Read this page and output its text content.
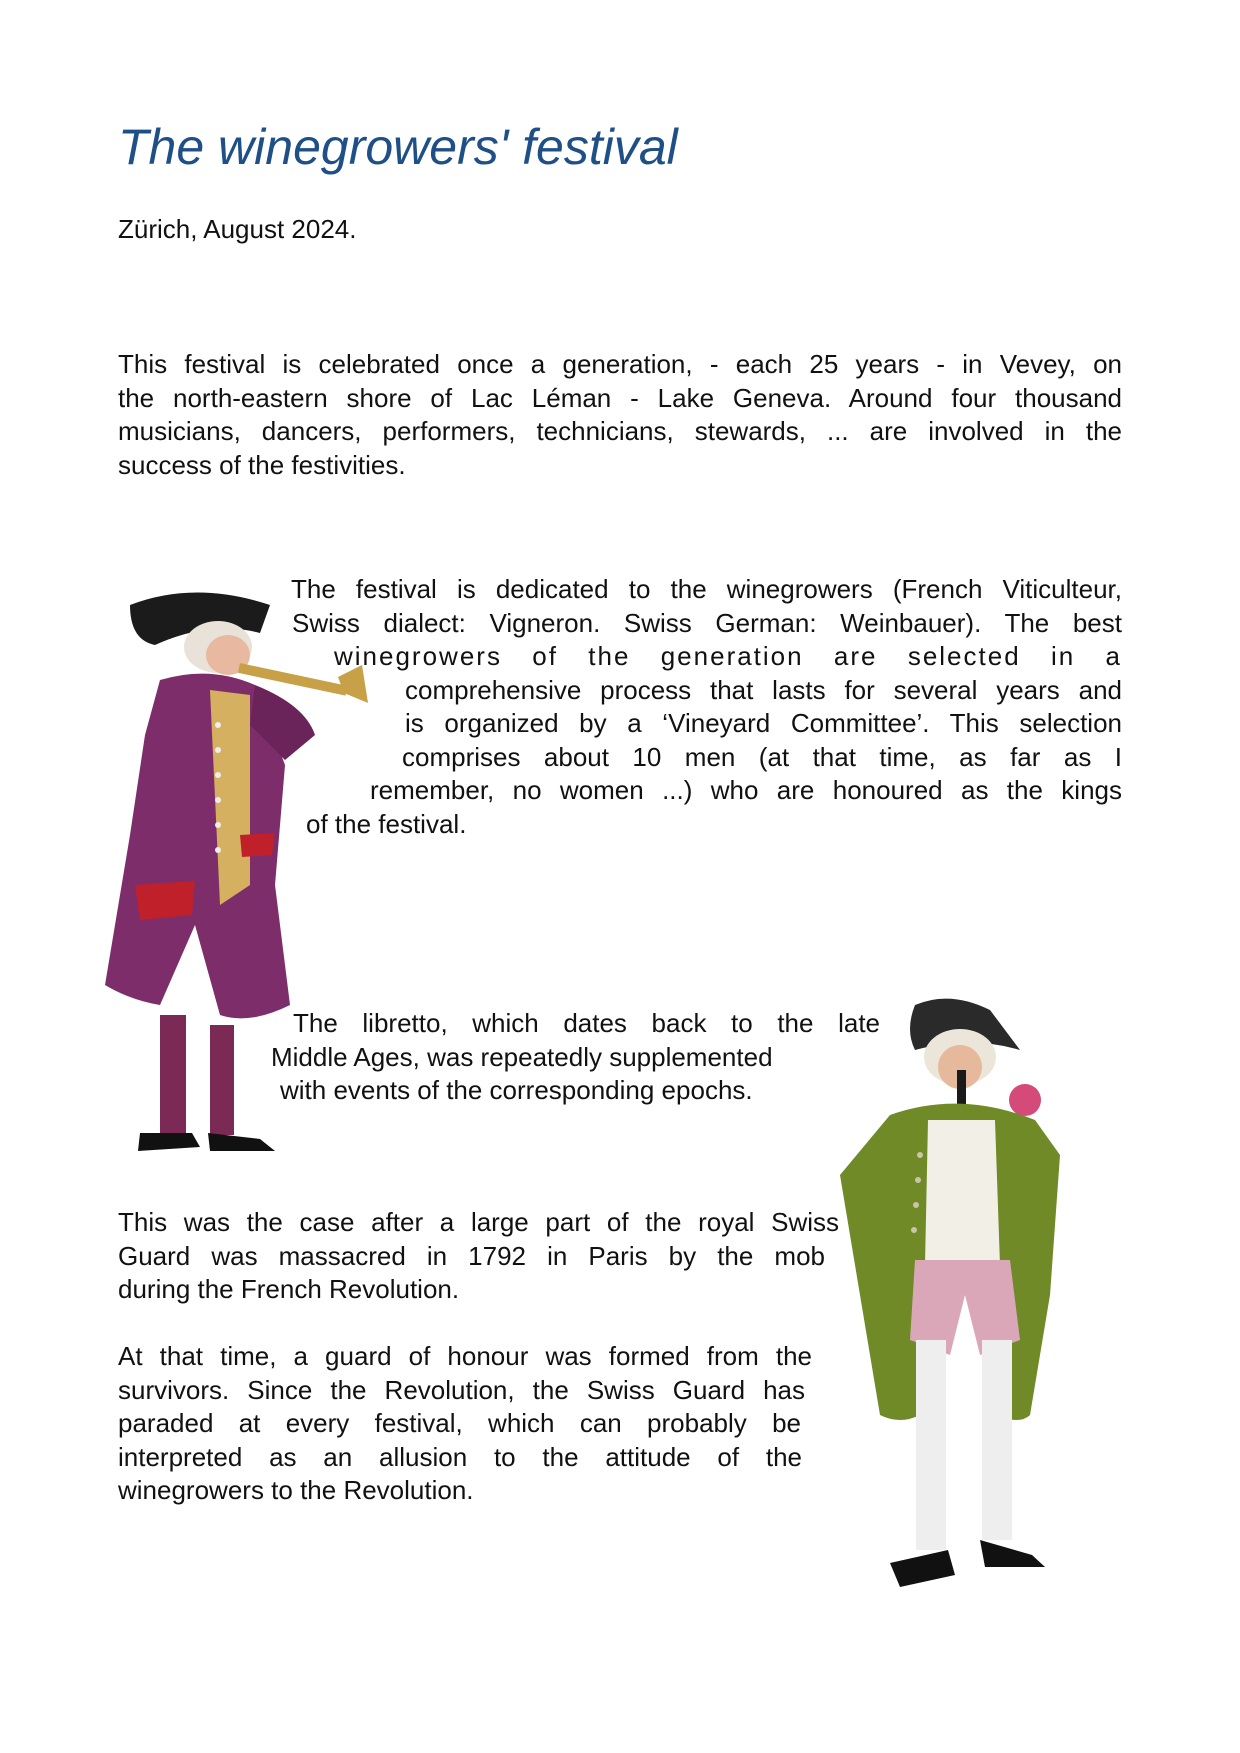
The winegrowers' festival
Zürich, August 2024.
This festival is celebrated once a generation, - each 25 years - in Vevey, on
the north-eastern shore of Lac Léman - Lake Geneva. Around four thousand
musicians, dancers, performers, technicians, stewards, ... are involved in the
success of the festivities.
The festival is dedicated to the winegrowers (French Viticulteur,
Swiss dialect: Vigneron. Swiss German: Weinbauer). The best
winegrowers of the generation are selected in a
comprehensive process that lasts for several years and
is organized by a ‘Vineyard Committee’. This selection
comprises about 10 men (at that time, as far as I
remember, no women ...) who are honoured as the kings
of the festival.
The libretto, which dates back to the late
Middle Ages, was repeatedly supplemented
with events of the corresponding epochs.
This was the case after a large part of the royal Swiss
Guard was massacred in 1792 in Paris by the mob
during the French Revolution.
At that time, a guard of honour was formed from the
survivors. Since the Revolution, the Swiss Guard has
paraded at every festival, which can probably be
interpreted as an allusion to the attitude of the
winegrowers to the Revolution.
